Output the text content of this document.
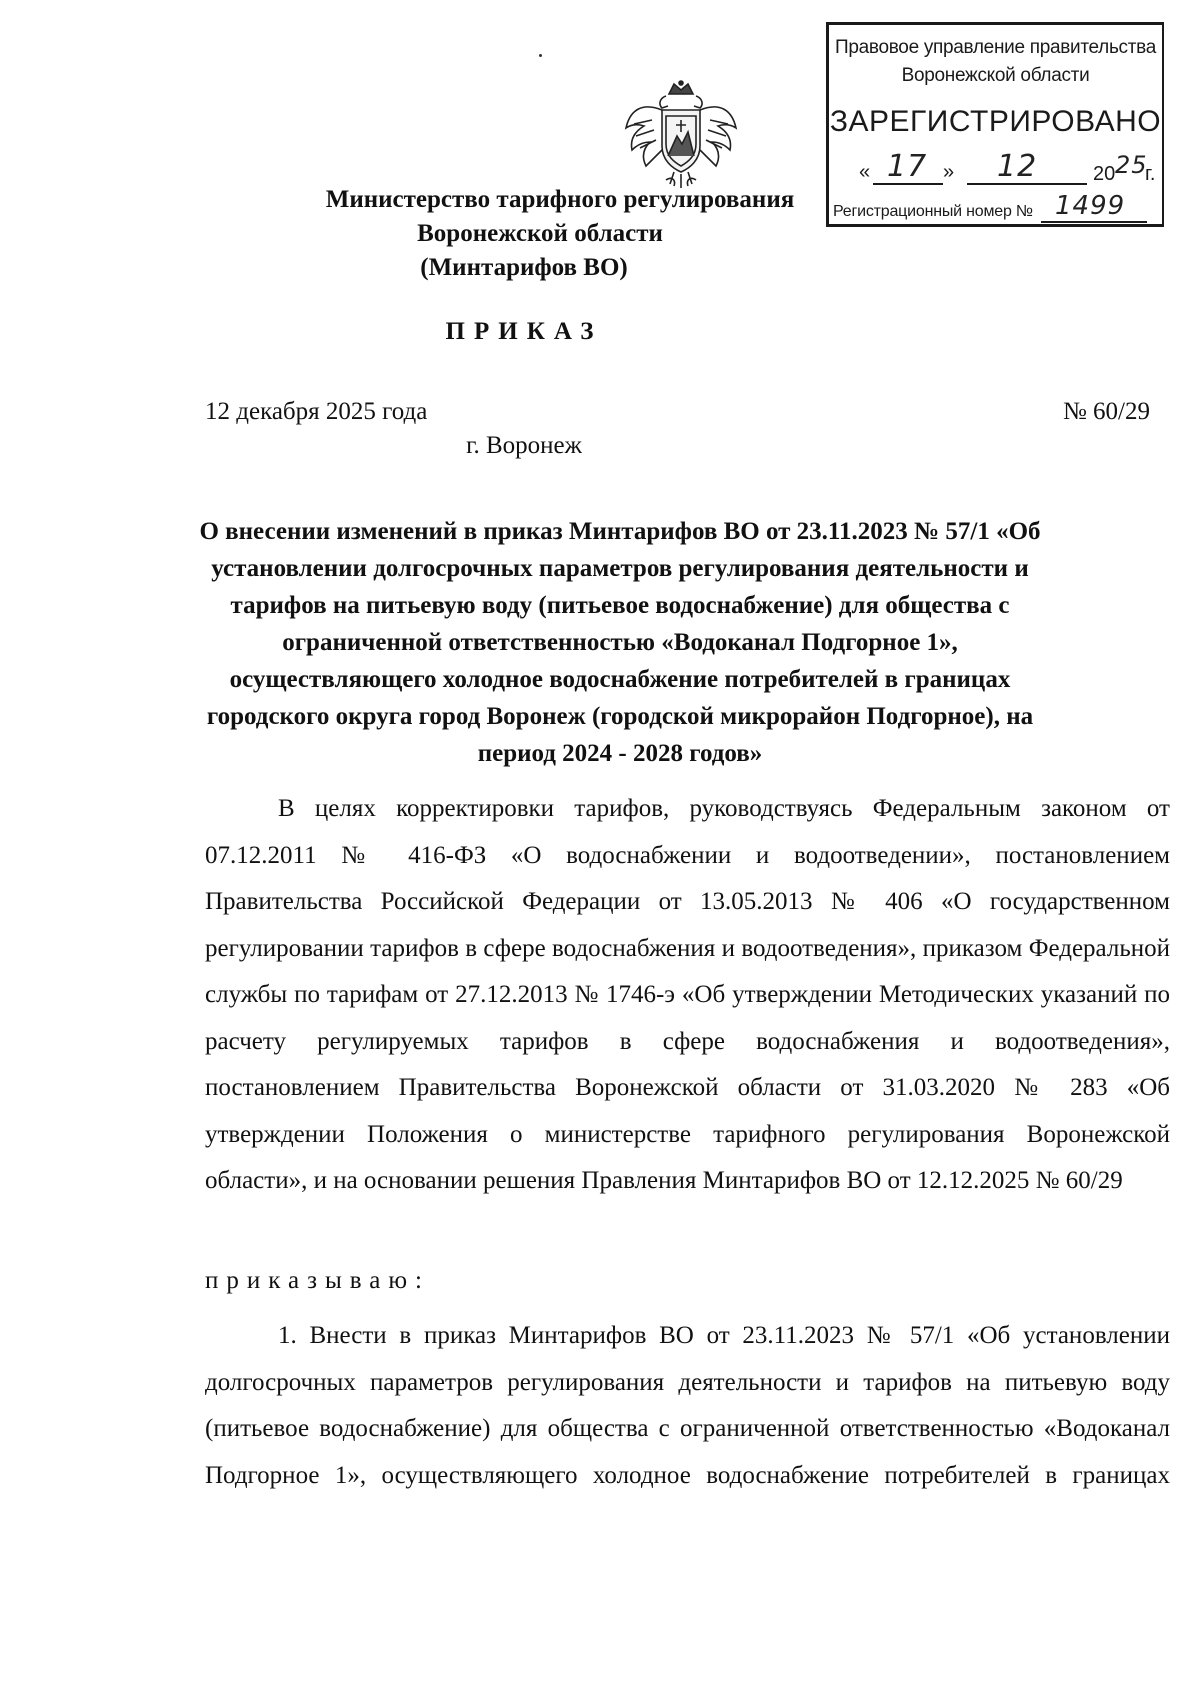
Правовое управление правительства
Воронежской области
ЗАРЕГИСТРИРОВАНО
« 17 » 12	20 25
г.
Регистрационный номер № 1499
Министерство тарифного регулирования
Воронежской области
(Минтарифов ВО)
ПРИКАЗ
12 декабря 2025 года	№ 60/29
г. Воронеж
О внесении изменений в приказ Минтарифов ВО от 23.11.2023 № 57/1 «Об установлении долгосрочных параметров регулирования деятельности и тарифов на питьевую воду (питьевое водоснабжение) для общества с ограниченной ответственностью «Водоканал Подгорное 1», осуществляющего холодное водоснабжение потребителей в границах городского округа город Воронеж (городской микрорайон Подгорное), на период 2024 - 2028 годов»
В целях корректировки тарифов, руководствуясь Федеральным законом от 07.12.2011 № 416-ФЗ «О водоснабжении и водоотведении», постановлением Правительства Российской Федерации от 13.05.2013 № 406 «О государственном регулировании тарифов в сфере водоснабжения и водоотведения», приказом Федеральной службы по тарифам от 27.12.2013 № 1746-э «Об утверждении Методических указаний по расчету регулируемых тарифов в сфере водоснабжения и водоотведения», постановлением Правительства Воронежской области от 31.03.2020 № 283 «Об утверждении Положения о министерстве тарифного регулирования Воронежской области», и на основании решения Правления Минтарифов ВО от 12.12.2025 № 60/29
приказываю:
1. Внести в приказ Минтарифов ВО от 23.11.2023 № 57/1 «Об установлении долгосрочных параметров регулирования деятельности и тарифов на питьевую воду (питьевое водоснабжение) для общества с ограниченной ответственностью «Водоканал Подгорное 1», осуществляющего холодное водоснабжение потребителей в границах
